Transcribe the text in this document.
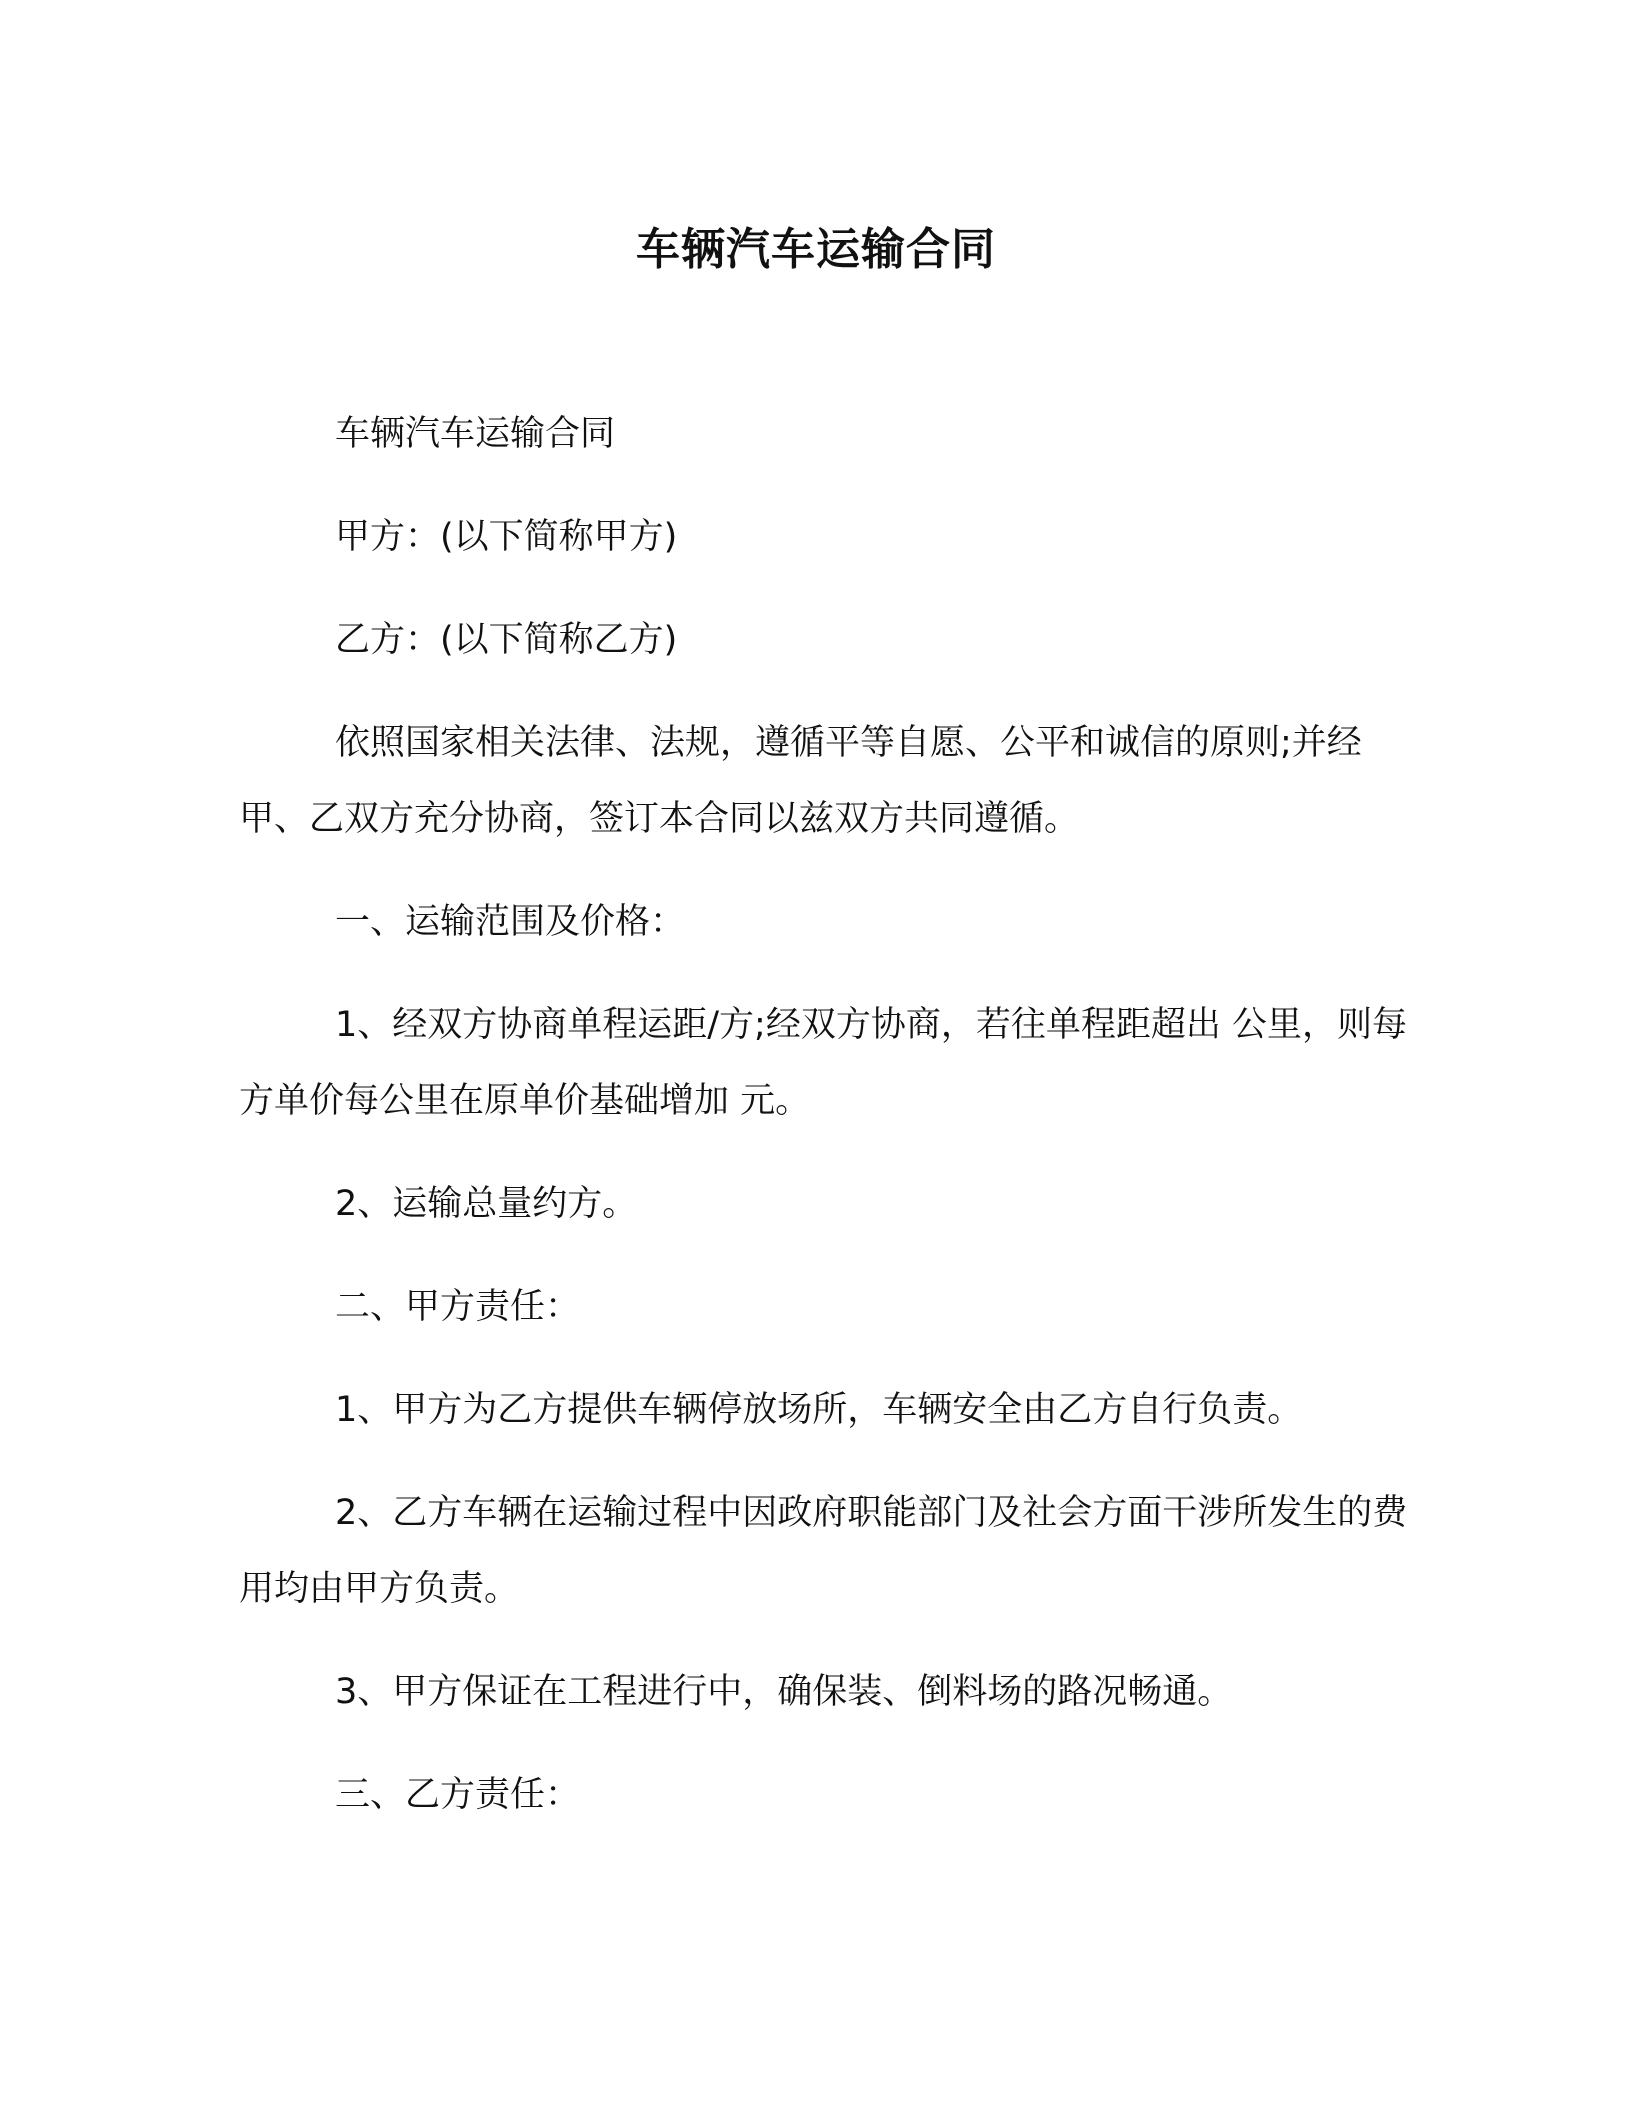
车辆汽车运输合同

车辆汽车运输合同

甲方：(以下简称甲方)

乙方：(以下简称乙方)

依照国家相关法律、法规，遵循平等自愿、公平和诚信的原则;并经甲、乙双方充分协商，签订本合同以兹双方共同遵循。

一、运输范围及价格：

1、经双方协商单程运距/方;经双方协商，若往单程距超出 公里，则每方单价每公里在原单价基础增加 元。

2、运输总量约方。

二、甲方责任：

1、甲方为乙方提供车辆停放场所，车辆安全由乙方自行负责。

2、乙方车辆在运输过程中因政府职能部门及社会方面干涉所发生的费用均由甲方负责。

3、甲方保证在工程进行中，确保装、倒料场的路况畅通。

三、乙方责任：
